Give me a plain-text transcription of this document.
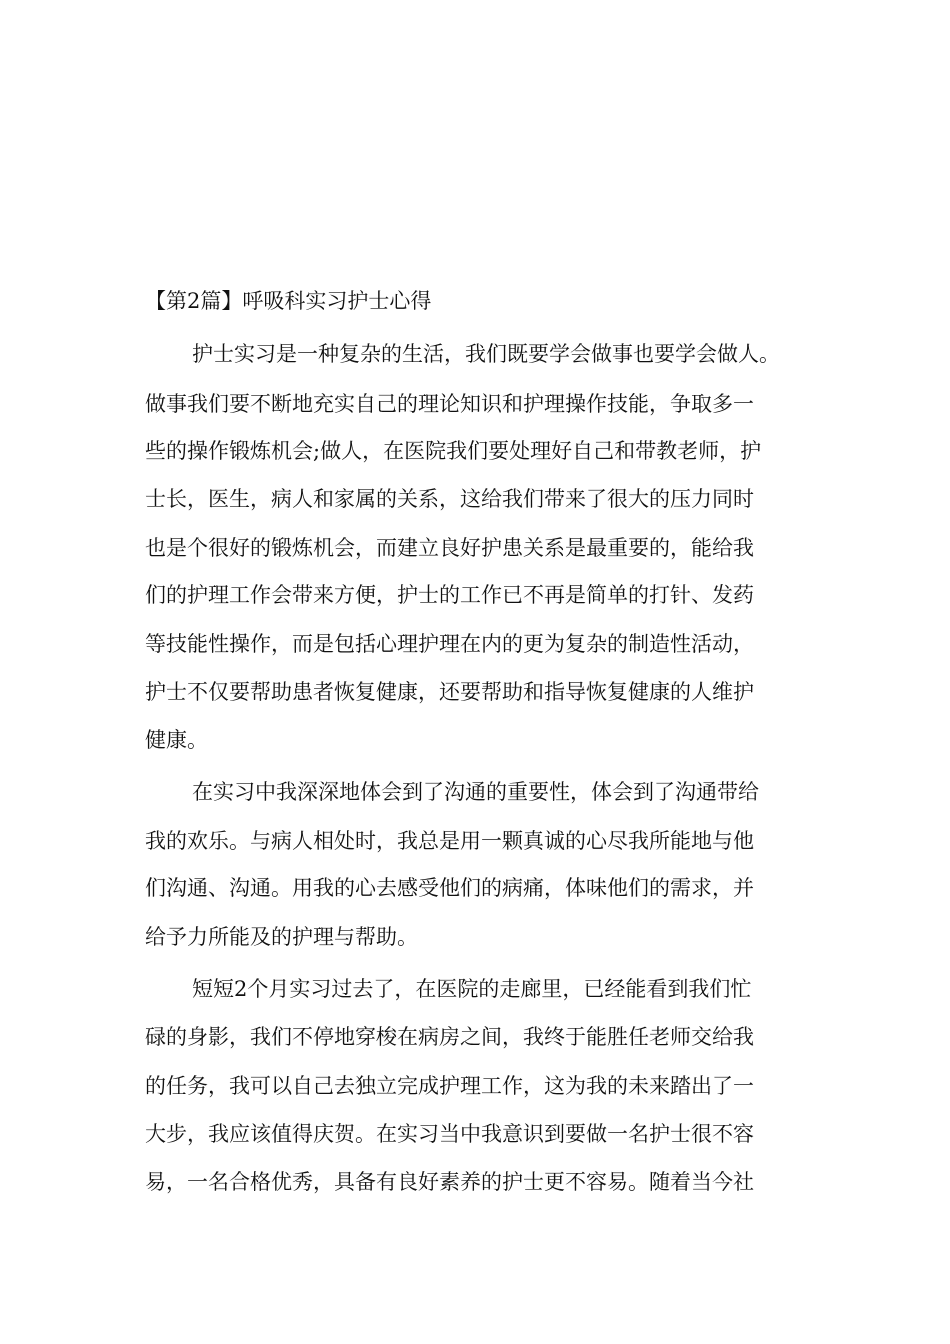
【第2篇】呼吸科实习护士心得
护士实习是一种复杂的生活，我们既要学会做事也要学会做人。
做事我们要不断地充实自己的理论知识和护理操作技能，争取多一
些的操作锻炼机会;做人，在医院我们要处理好自己和带教老师，护
士长，医生，病人和家属的关系，这给我们带来了很大的压力同时
也是个很好的锻炼机会，而建立良好护患关系是最重要的，能给我
们的护理工作会带来方便，护士的工作已不再是简单的打针、发药
等技能性操作，而是包括心理护理在内的更为复杂的制造性活动，
护士不仅要帮助患者恢复健康，还要帮助和指导恢复健康的人维护
健康。
在实习中我深深地体会到了沟通的重要性，体会到了沟通带给
我的欢乐。与病人相处时，我总是用一颗真诚的心尽我所能地与他
们沟通、沟通。用我的心去感受他们的病痛，体味他们的需求，并
给予力所能及的护理与帮助。
短短2个月实习过去了，在医院的走廊里，已经能看到我们忙
碌的身影，我们不停地穿梭在病房之间，我终于能胜任老师交给我
的任务，我可以自己去独立完成护理工作，这为我的未来踏出了一
大步，我应该值得庆贺。在实习当中我意识到要做一名护士很不容
易，一名合格优秀，具备有良好素养的护士更不容易。随着当今社
